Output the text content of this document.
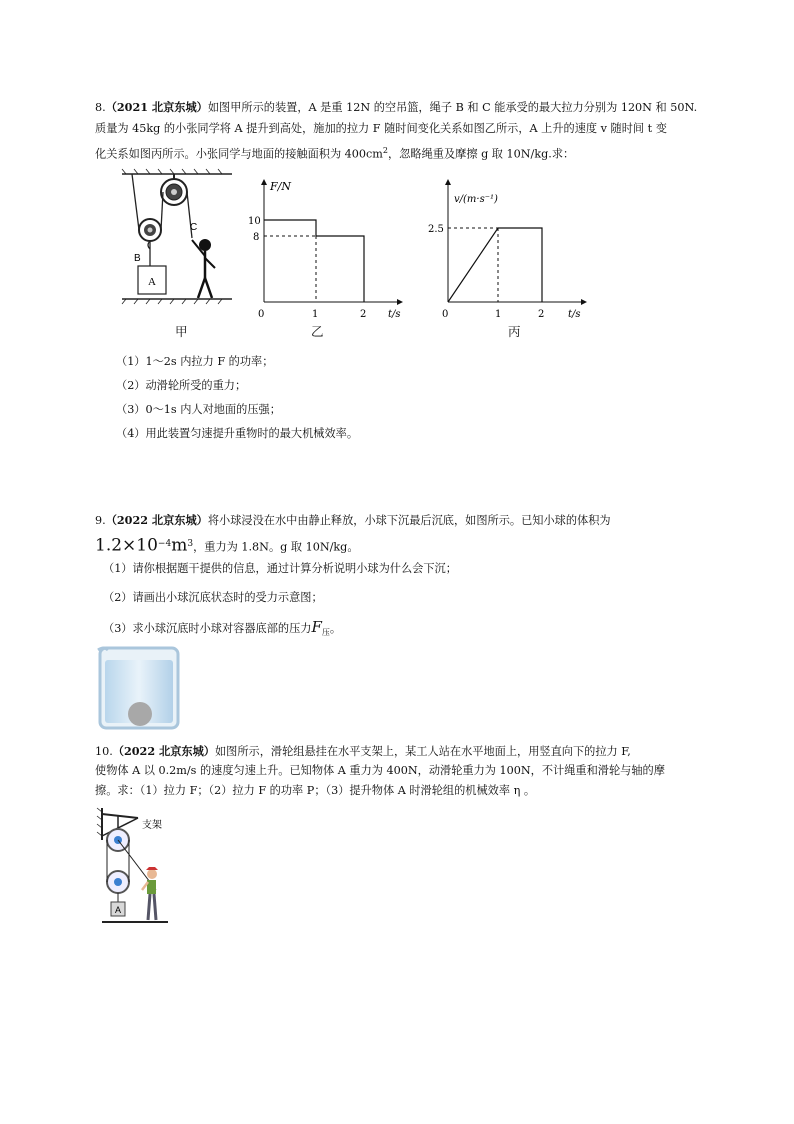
8.（2021 北京东城）如图甲所示的装置，A 是重 12N 的空吊篮，绳子 B 和 C 能承受的最大拉力分别为 120N 和 50N.
质量为 45kg 的小张同学将 A 提升到高处，施加的拉力 F 随时间变化关系如图乙所示，A 上升的速度 v 随时间 t 变
化关系如图丙所示。小张同学与地面的接触面积为 $400cm^2$，忽略绳重及摩擦 g 取 10N/kg.求：
A
B
C
F/N
t/s
0	1	2
10
8
v/(m·s⁻¹)
t/s
0	1	2
2.5
甲	乙	丙
（1）1～2s 内拉力 F 的功率；
（2）动滑轮所受的重力；
（3）0～1s 内人对地面的压强；
（4）用此装置匀速提升重物时的最大机械效率。
9.（2022 北京东城）将小球浸没在水中由静止释放，小球下沉最后沉底，如图所示。已知小球的体积为
$1.2\times 10^{-4}m^3$，重力为 1.8N。g 取 10N/kg。
（1）请你根据题干提供的信息，通过计算分析说明小球为什么会下沉；
（2）请画出小球沉底状态时的受力示意图；
（3）求小球沉底时小球对容器底部的压力$F_压$。
10.（2022 北京东城）如图所示，滑轮组悬挂在水平支架上，某工人站在水平地面上，用竖直向下的拉力 F,
使物体 A 以 0.2m/s 的速度匀速上升。已知物体 A 重力为 400N，动滑轮重力为 100N，不计绳重和滑轮与轴的摩
擦。求：（1）拉力 F；（2）拉力 F 的功率 P；（3）提升物体 A 时滑轮组的机械效率 η 。
支架
A
